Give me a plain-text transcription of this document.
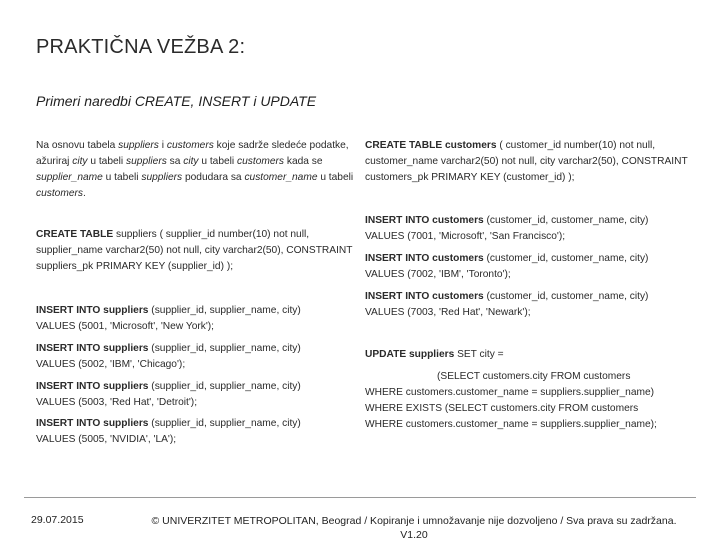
PRAKTIČNA VEŽBA 2:
Primeri naredbi CREATE, INSERT i UPDATE
Na osnovu tabela suppliers i customers koje sadrže sledeće podatke, ažuriraj city u tabeli suppliers sa city u tabeli customers kada se supplier_name u tabeli suppliers podudara sa customer_name u tabeli customers.
CREATE TABLE suppliers ( supplier_id number(10) not null, supplier_name varchar2(50) not null, city varchar2(50), CONSTRAINT suppliers_pk PRIMARY KEY (supplier_id) );
INSERT INTO suppliers (supplier_id, supplier_name, city)
VALUES (5001, 'Microsoft', 'New York');
INSERT INTO suppliers (supplier_id, supplier_name, city)
VALUES (5002, 'IBM', 'Chicago');
INSERT INTO suppliers (supplier_id, supplier_name, city)
VALUES (5003, 'Red Hat', 'Detroit');
INSERT INTO suppliers (supplier_id, supplier_name, city)
VALUES (5005, 'NVIDIA', 'LA');
CREATE TABLE customers ( customer_id number(10) not null, customer_name varchar2(50) not null, city varchar2(50), CONSTRAINT customers_pk PRIMARY KEY (customer_id) );
INSERT INTO customers (customer_id, customer_name, city)
VALUES (7001, 'Microsoft', 'San Francisco');
INSERT INTO customers (customer_id, customer_name, city)
VALUES (7002, 'IBM', 'Toronto');
INSERT INTO customers (customer_id, customer_name, city)
VALUES (7003, 'Red Hat', 'Newark');
UPDATE suppliers SET city =
(SELECT customers.city FROM customers
WHERE customers.customer_name = suppliers.supplier_name)
WHERE EXISTS (SELECT customers.city FROM customers
WHERE customers.customer_name = suppliers.supplier_name);
29.07.2015	© UNIVERZITET METROPOLITAN, Beograd / Kopiranje i umnožavanje nije dozvoljeno / Sva prava su zadržana.
V1.20
